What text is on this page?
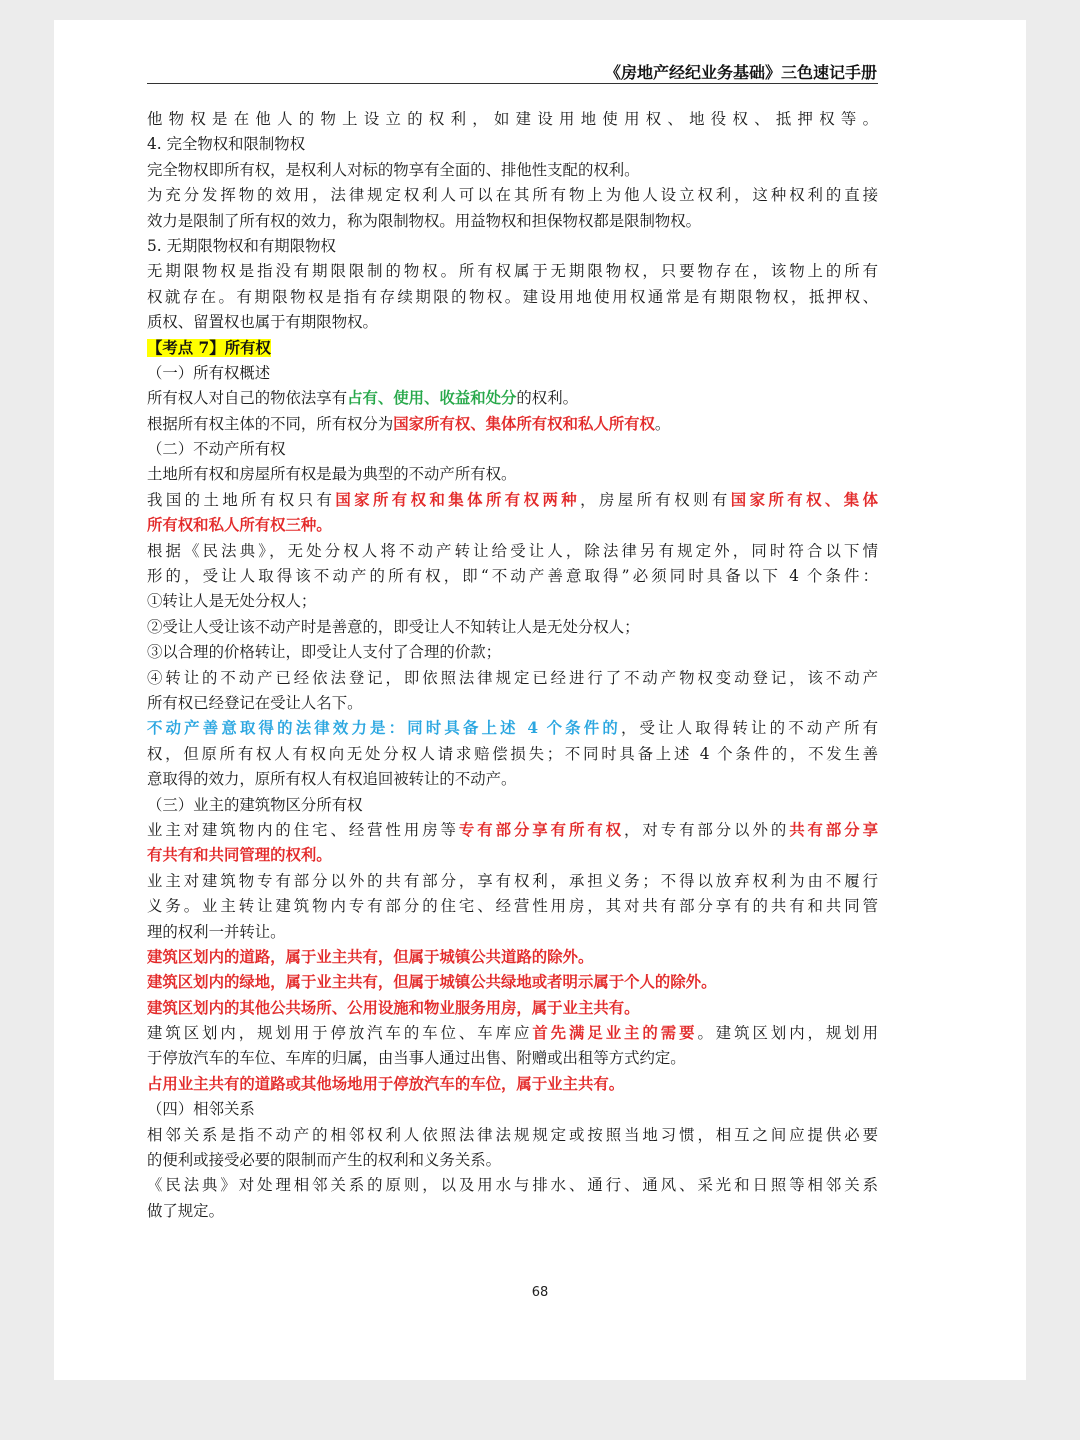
《房地产经纪业务基础》三色速记手册
他物权是在他人的物上设立的权利，如建设用地使用权、地役权、抵押权等。
4. 完全物权和限制物权
完全物权即所有权，是权利人对标的物享有全面的、排他性支配的权利。
为充分发挥物的效用，法律规定权利人可以在其所有物上为他人设立权利，这种权利的直接
效力是限制了所有权的效力，称为限制物权。用益物权和担保物权都是限制物权。
5. 无期限物权和有期限物权
无期限物权是指没有期限限制的物权。所有权属于无期限物权，只要物存在，该物上的所有
权就存在。有期限物权是指有存续期限的物权。建设用地使用权通常是有期限物权，抵押权、
质权、留置权也属于有期限物权。
【考点 7】所有权
（一）所有权概述
所有权人对自己的物依法享有占有、使用、收益和处分的权利。
根据所有权主体的不同，所有权分为国家所有权、集体所有权和私人所有权。
（二）不动产所有权
土地所有权和房屋所有权是最为典型的不动产所有权。
我国的土地所有权只有国家所有权和集体所有权两种，房屋所有权则有国家所有权、集体
所有权和私人所有权三种。
根据《民法典》，无处分权人将不动产转让给受让人，除法律另有规定外，同时符合以下情
形的，受让人取得该不动产的所有权，即“不动产善意取得”必须同时具备以下 4 个条件：
①转让人是无处分权人；
②受让人受让该不动产时是善意的，即受让人不知转让人是无处分权人；
③以合理的价格转让，即受让人支付了合理的价款；
④转让的不动产已经依法登记，即依照法律规定已经进行了不动产物权变动登记，该不动产
所有权已经登记在受让人名下。
不动产善意取得的法律效力是：同时具备上述 4 个条件的，受让人取得转让的不动产所有
权，但原所有权人有权向无处分权人请求赔偿损失；不同时具备上述 4 个条件的，不发生善
意取得的效力，原所有权人有权追回被转让的不动产。
（三）业主的建筑物区分所有权
业主对建筑物内的住宅、经营性用房等专有部分享有所有权，对专有部分以外的共有部分享
有共有和共同管理的权利。
业主对建筑物专有部分以外的共有部分，享有权利，承担义务；不得以放弃权利为由不履行
义务。业主转让建筑物内专有部分的住宅、经营性用房，其对共有部分享有的共有和共同管
理的权利一并转让。
建筑区划内的道路，属于业主共有，但属于城镇公共道路的除外。
建筑区划内的绿地，属于业主共有，但属于城镇公共绿地或者明示属于个人的除外。
建筑区划内的其他公共场所、公用设施和物业服务用房，属于业主共有。
建筑区划内，规划用于停放汽车的车位、车库应首先满足业主的需要。建筑区划内，规划用
于停放汽车的车位、车库的归属，由当事人通过出售、附赠或出租等方式约定。
占用业主共有的道路或其他场地用于停放汽车的车位，属于业主共有。
（四）相邻关系
相邻关系是指不动产的相邻权利人依照法律法规规定或按照当地习惯，相互之间应提供必要
的便利或接受必要的限制而产生的权利和义务关系。
《民法典》对处理相邻关系的原则，以及用水与排水、通行、通风、采光和日照等相邻关系
做了规定。
68
